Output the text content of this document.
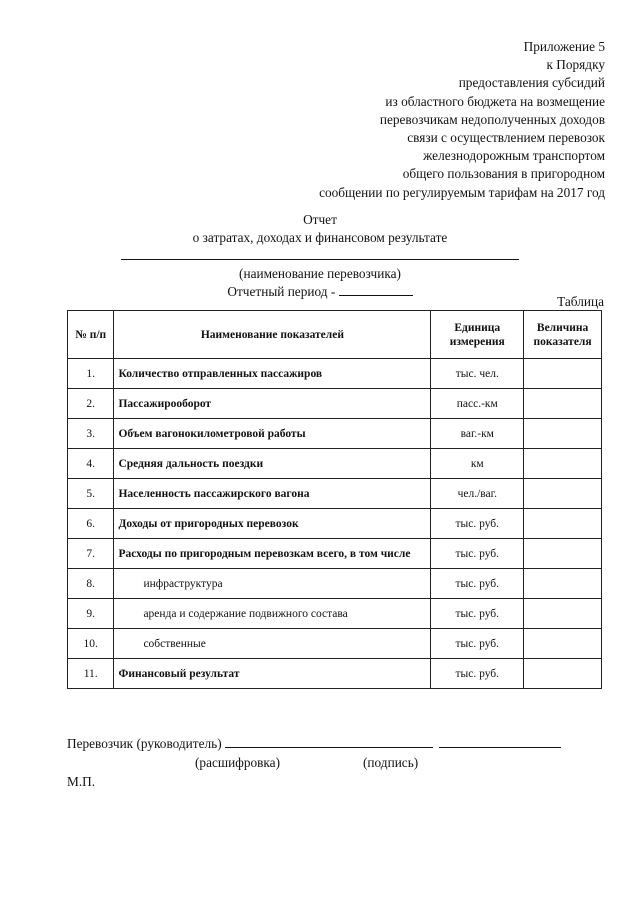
Приложение 5
к Порядку
предоставления субсидий
из областного бюджета на возмещение
перевозчикам недополученных доходов
связи с осуществлением перевозок
железнодорожным транспортом
общего пользования в пригородном
сообщении по регулируемым тарифам на 2017 год
Отчет
о затратах, доходах и финансовом результате
(наименование перевозчика)
Отчетный период -
Таблица
№ п/п	Наименование показателей	Единица измерения	Величина показателя
1.	Количество отправленных пассажиров	тыс. чел.	
2.	Пассажирооборот	пасс.-км	
3.	Объем вагонокилометровой работы	ваг.-км	
4.	Средняя дальность поездки	км	
5.	Населенность пассажирского вагона	чел./ваг.	
6.	Доходы от пригородных перевозок	тыс. руб.	
7.	Расходы по пригородным перевозкам всего, в том числе	тыс. руб.	
8.	инфраструктура	тыс. руб.	
9.	аренда и содержание подвижного состава	тыс. руб.	
10.	собственные	тыс. руб.	
11.	Финансовый результат	тыс. руб.	
Перевозчик (руководитель)
(расшифровка)	(подпись)
М.П.
